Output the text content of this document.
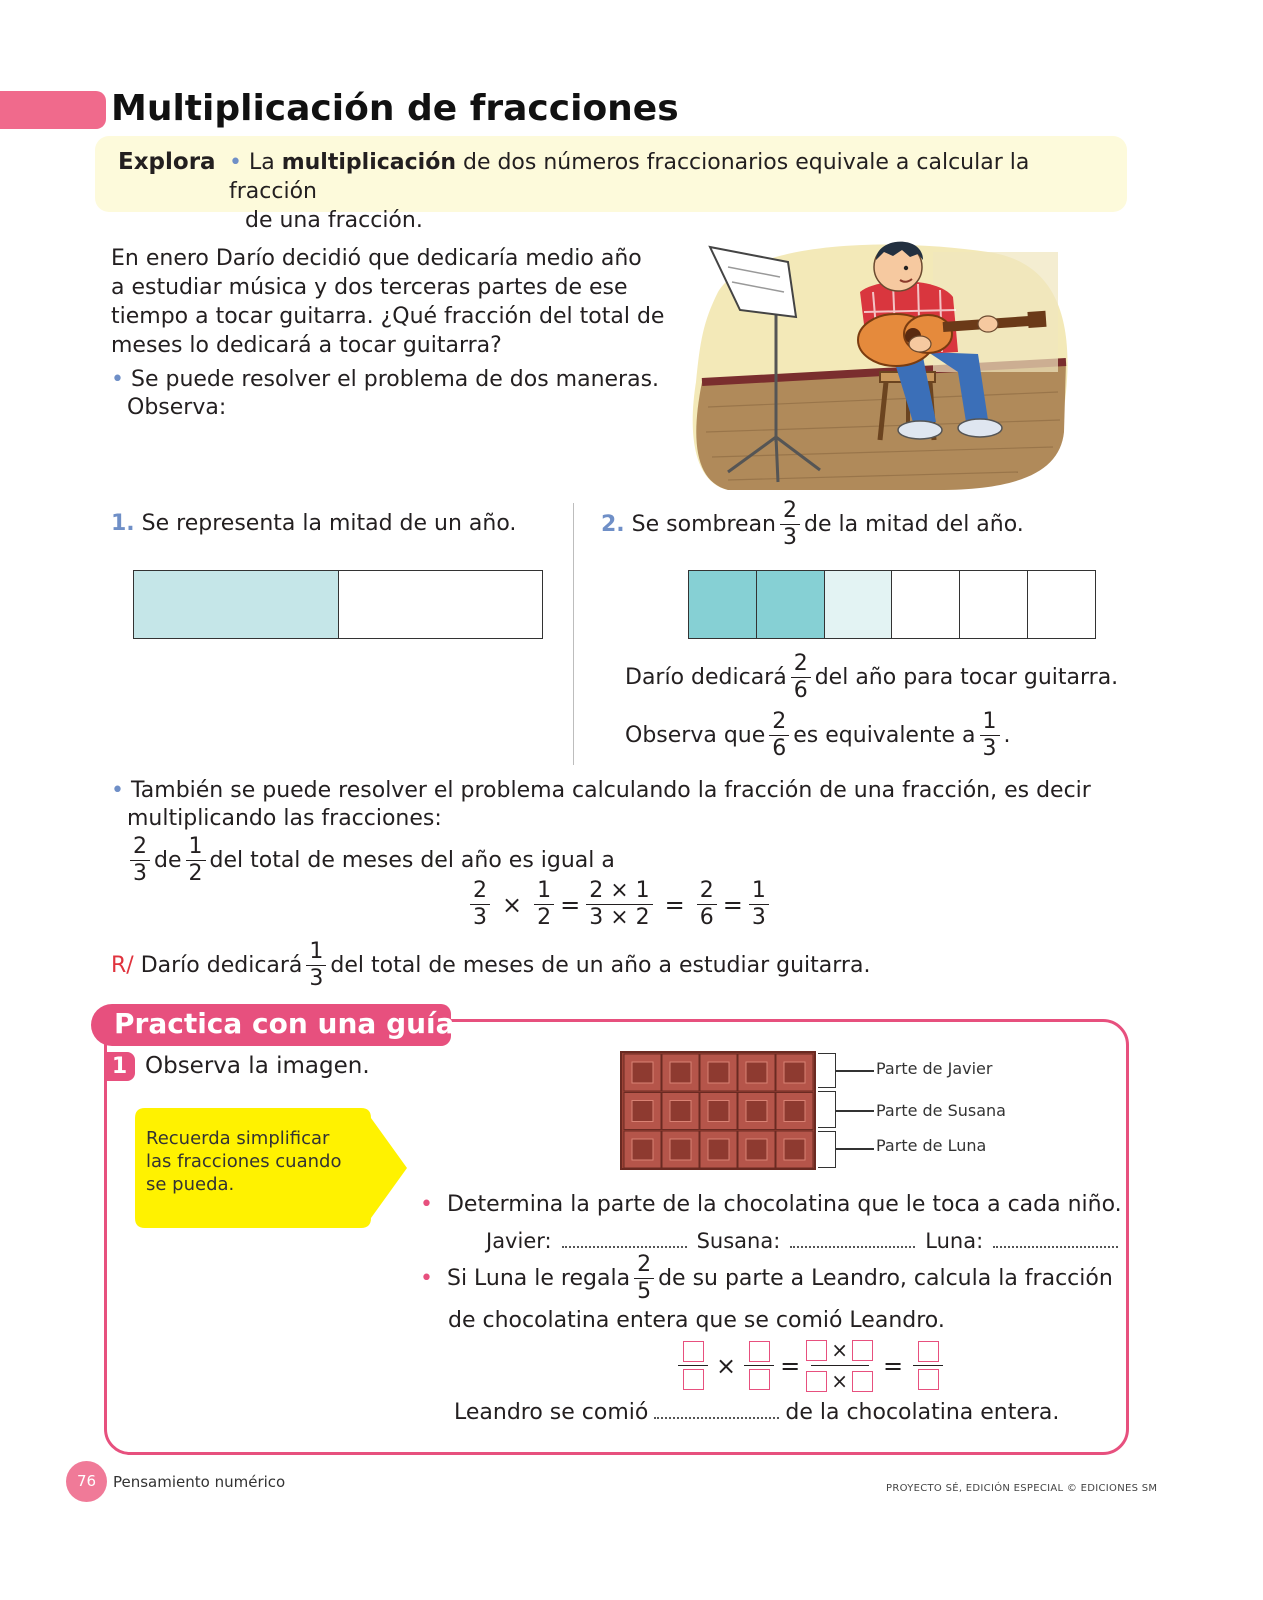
Multiplicación de fracciones
Explora • La multiplicación de dos números fraccionarios equivale a calcular la fracción
de una fracción.
En enero Darío decidió que dedicaría medio año
a estudiar música y dos terceras partes de ese
tiempo a tocar guitarra. ¿Qué fracción del total de
meses lo dedicará a tocar guitarra?
• Se puede resolver el problema de dos maneras.
Observa:
1. Se representa la mitad de un año.	2.
Se sombrean $\frac{2}{3}$ de la mitad del año.
Darío dedicará $\frac{2}{6}$ del año para tocar guitarra.
Observa que $\frac{2}{6}$ es equivalente a $\frac{1}{3}$ .
• También se puede resolver el problema calculando la fracción de una fracción, es decir
multiplicando las fracciones:
$\frac{2}{3}$ de $\frac{1}{2}$ del total de meses del año es igual a
$\frac{2}{3} \times \frac{1}{2} = \frac{2 \times 1}{3 \times 2} = \frac{2}{6} = \frac{1}{3}$
R/
Darío dedicará $\frac{1}{3}$ del total de meses de un año a estudiar guitarra.
Practica con una guía
1 Observa la imagen.
Recuerda simplificar las fracciones cuando se pueda.
Parte de Javier
Parte de Susana
Parte de Luna
• Determina la parte de la chocolatina que le toca a cada niño.
Javier:	Susana:	Luna:
•
Si Luna le regala $\frac{2}{5}$ de su parte a Leandro, calcula la fracción
de chocolatina entera que se comió Leandro.
× =
×
×
=
Leandro se comió	de la chocolatina entera.
76	Pensamiento numérico	PROYECTO SÉ, EDICIÓN ESPECIAL © EDICIONES SM
